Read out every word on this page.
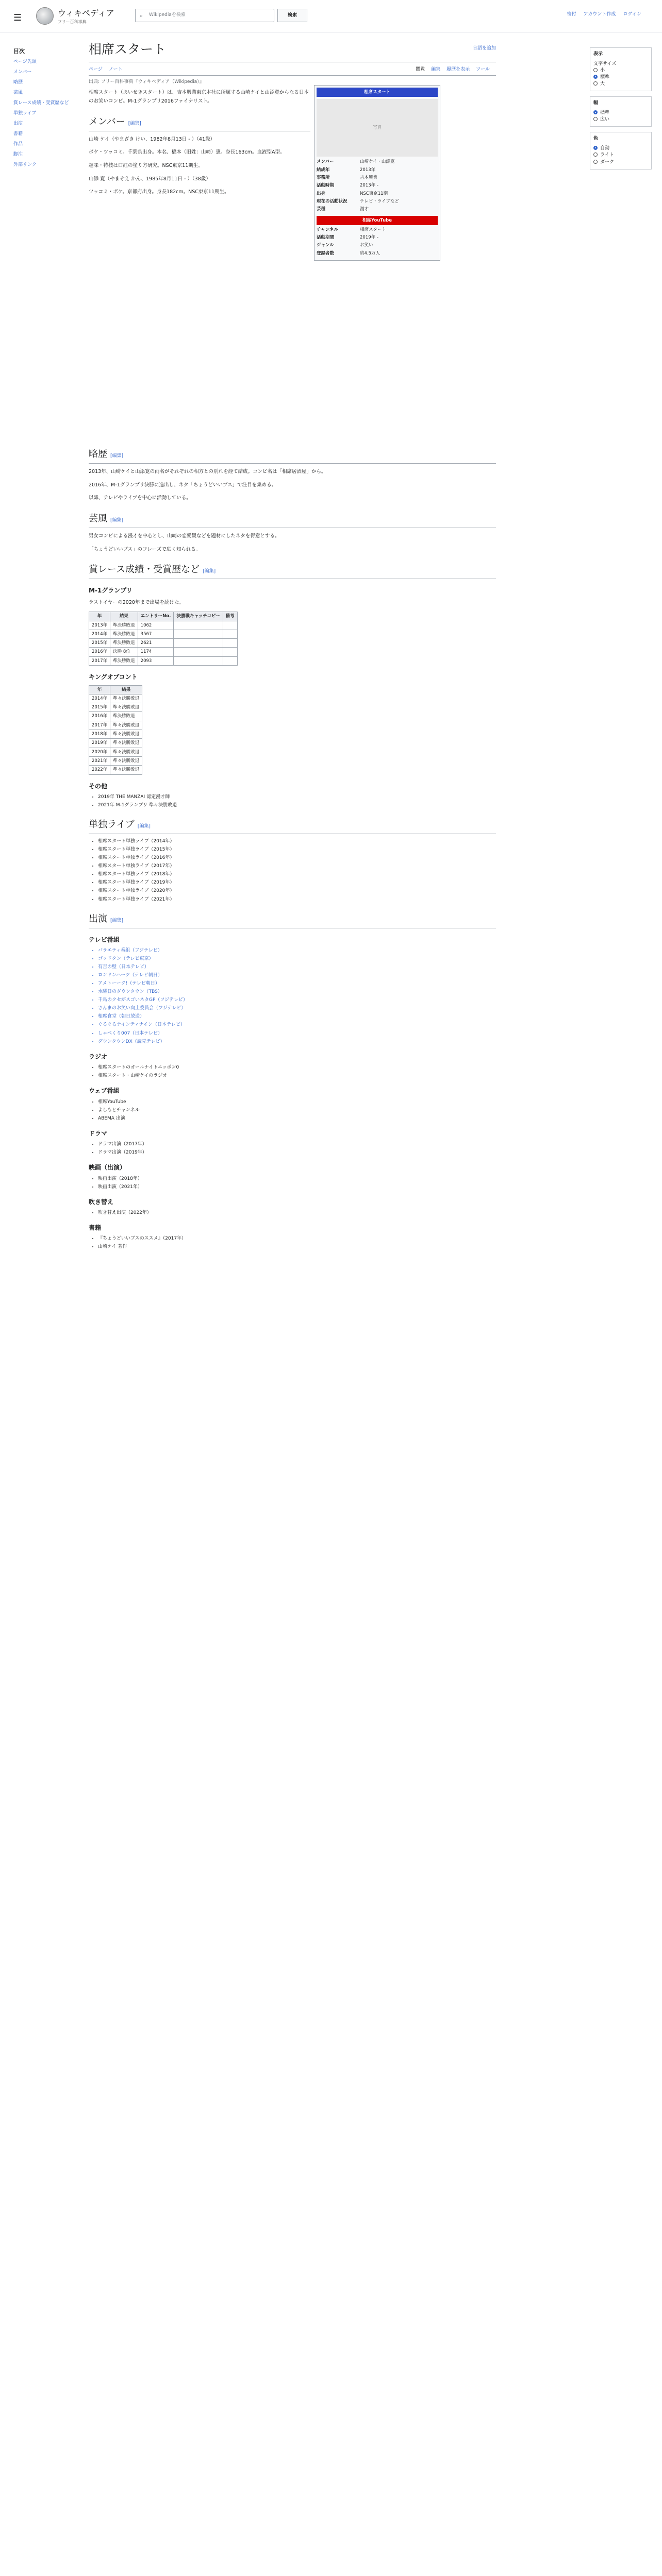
☰	ウィキペディア
フリー百科事典
⌕ Wikipediaを検索	検索	寄付 アカウント作成 ログイン
目次
ページ先頭
メンバー
略歴
芸風
賞レース成績・受賞歴など
単独ライブ
出演
書籍
作品
脚注
外部リンク
表示
文字サイズ
小
標準
大
幅
標準
広い
色
自動
ライト
ダーク
相席スタート	言語を追加
ページ ノート	閲覧 編集 履歴を表示 ツール
出典: フリー百科事典『ウィキペディア（Wikipedia）』

相席スタート（あいせきスタート）は、吉本興業東京本社に所属する山崎ケイと山添寛からなる日本のお笑いコンビ。M-1グランプリ2016ファイナリスト。

メンバー [編集]

山崎 ケイ（やまざき けい、1982年8月13日 - ）（41歳）

ボケ・ツッコミ。千葉県出身。本名、橋本（旧姓：山崎）恵。身長163cm。血液型A型。

趣味・特技は口紅の塗り方研究。NSC東京11期生。

山添 寛（やまぞえ かん、1985年8月11日 - ）（38歳）

ツッコミ・ボケ。京都府出身。身長182cm。NSC東京11期生。

相席スタート
写真
メンバー	山崎ケイ・山添寛
結成年	2013年
事務所	吉本興業
活動時期	2013年 -
出身	NSC東京11期
現在の活動状況	テレビ・ライブなど
芸種	漫才
相席YouTube
チャンネル	相席スタート
活動期間	2019年 -
ジャンル	お笑い
登録者数	約4.5万人
略歴 [編集]

2013年、山崎ケイと山添寛の両名がそれぞれの相方との別れを経て結成。コンビ名は「相席居酒屋」から。

2016年、M-1グランプリ決勝に進出し、ネタ「ちょうどいいブス」で注目を集める。

以降、テレビやライブを中心に活動している。

芸風 [編集]

男女コンビによる漫才を中心とし、山崎の恋愛観などを題材にしたネタを得意とする。

「ちょうどいいブス」のフレーズで広く知られる。

賞レース成績・受賞歴など [編集]
M-1グランプリ

ラストイヤーの2020年まで出場を続けた。

年	結果	エントリーNo.	決勝戦キャッチコピー	備考
2013年	準決勝敗退	1062		
2014年	準決勝敗退	3567		
2015年	準決勝敗退	2621		
2016年	決勝 8位	1174		
2017年	準決勝敗退	2093		
キングオブコント
年	結果
2014年	準々決勝敗退
2015年	準々決勝敗退
2016年	準決勝敗退
2017年	準々決勝敗退
2018年	準々決勝敗退
2019年	準々決勝敗退
2020年	準々決勝敗退
2021年	準々決勝敗退
2022年	準々決勝敗退
その他
• 2019年 THE MANZAI 認定漫才師
• 2021年 M-1グランプリ 準々決勝敗退
単独ライブ [編集]
• 相席スタート単独ライブ（2014年）
• 相席スタート単独ライブ（2015年）
• 相席スタート単独ライブ（2016年）
• 相席スタート単独ライブ（2017年）
• 相席スタート単独ライブ（2018年）
• 相席スタート単独ライブ（2019年）
• 相席スタート単独ライブ（2020年）
• 相席スタート単独ライブ（2021年）
出演 [編集]
テレビ番組
• バラエティ番組（フジテレビ）
• ゴッドタン（テレビ東京）
• 有吉の壁（日本テレビ）
• ロンドンハーツ（テレビ朝日）
• アメトーーク!（テレビ朝日）
• 水曜日のダウンタウン（TBS）
• 千鳥のクセがスゴいネタGP（フジテレビ）
• さんまのお笑い向上委員会（フジテレビ）
• 相席食堂（朝日放送）
• ぐるぐるナインティナイン（日本テレビ）
• しゃべくり007（日本テレビ）
• ダウンタウンDX（読売テレビ）
ラジオ
• 相席スタートのオールナイトニッポン0
• 相席スタート・山崎ケイのラジオ
ウェブ番組
• 相席YouTube
• よしもとチャンネル
• ABEMA 出演
ドラマ
• ドラマ出演（2017年）
• ドラマ出演（2019年）
映画（出演）
• 映画出演（2018年）
• 映画出演（2021年）
吹き替え
• 吹き替え出演（2022年）
書籍
• 『ちょうどいいブスのススメ』（2017年）
• 山崎ケイ 著作
